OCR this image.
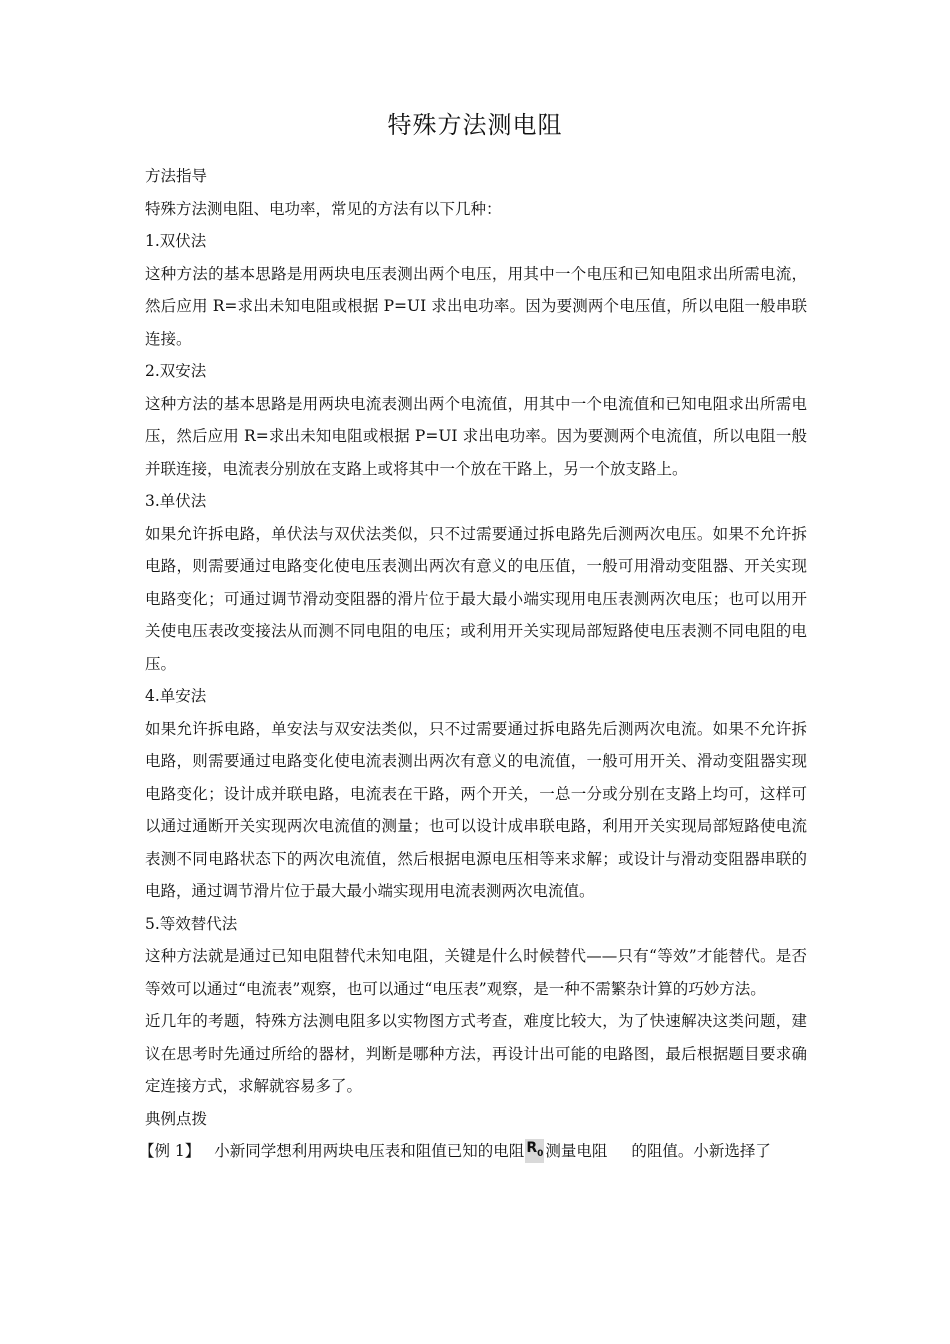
特殊方法测电阻

方法指导

特殊方法测电阻、电功率，常见的方法有以下几种：

1.双伏法

这种方法的基本思路是用两块电压表测出两个电压，用其中一个电压和已知电阻求出所需电流，然后应用 R=求出未知电阻或根据 P=UI 求出电功率。因为要测两个电压值，所以电阻一般串联连接。

2.双安法

这种方法的基本思路是用两块电流表测出两个电流值，用其中一个电流值和已知电阻求出所需电压，然后应用 R=求出未知电阻或根据 P=UI 求出电功率。因为要测两个电流值，所以电阻一般并联连接，电流表分别放在支路上或将其中一个放在干路上，另一个放支路上。

3.单伏法

如果允许拆电路，单伏法与双伏法类似，只不过需要通过拆电路先后测两次电压。如果不允许拆电路，则需要通过电路变化使电压表测出两次有意义的电压值，一般可用滑动变阻器、开关实现电路变化；可通过调节滑动变阻器的滑片位于最大最小端实现用电压表测两次电压；也可以用开关使电压表改变接法从而测不同电阻的电压；或利用开关实现局部短路使电压表测不同电阻的电压。

4.单安法

如果允许拆电路，单安法与双安法类似，只不过需要通过拆电路先后测两次电流。如果不允许拆电路，则需要通过电路变化使电流表测出两次有意义的电流值，一般可用开关、滑动变阻器实现电路变化；设计成并联电路，电流表在干路，两个开关，一总一分或分别在支路上均可，这样可以通过通断开关实现两次电流值的测量；也可以设计成串联电路，利用开关实现局部短路使电流表测不同电路状态下的两次电流值，然后根据电源电压相等来求解；或设计与滑动变阻器串联的电路，通过调节滑片位于最大最小端实现用电流表测两次电流值。

5.等效替代法

这种方法就是通过已知电阻替代未知电阻，关键是什么时候替代——只有“等效”才能替代。是否等效可以通过“电流表”观察，也可以通过“电压表”观察，是一种不需繁杂计算的巧妙方法。

近几年的考题，特殊方法测电阻多以实物图方式考查，难度比较大，为了快速解决这类问题，建议在思考时先通过所给的器材，判断是哪种方法，再设计出可能的电路图，最后根据题目要求确定连接方式，求解就容易多了。

典例点拨

【例 1】 小新同学想利用两块电压表和阻值已知的电阻 $R_0$ 测量电阻 的阻值。小新选择了
